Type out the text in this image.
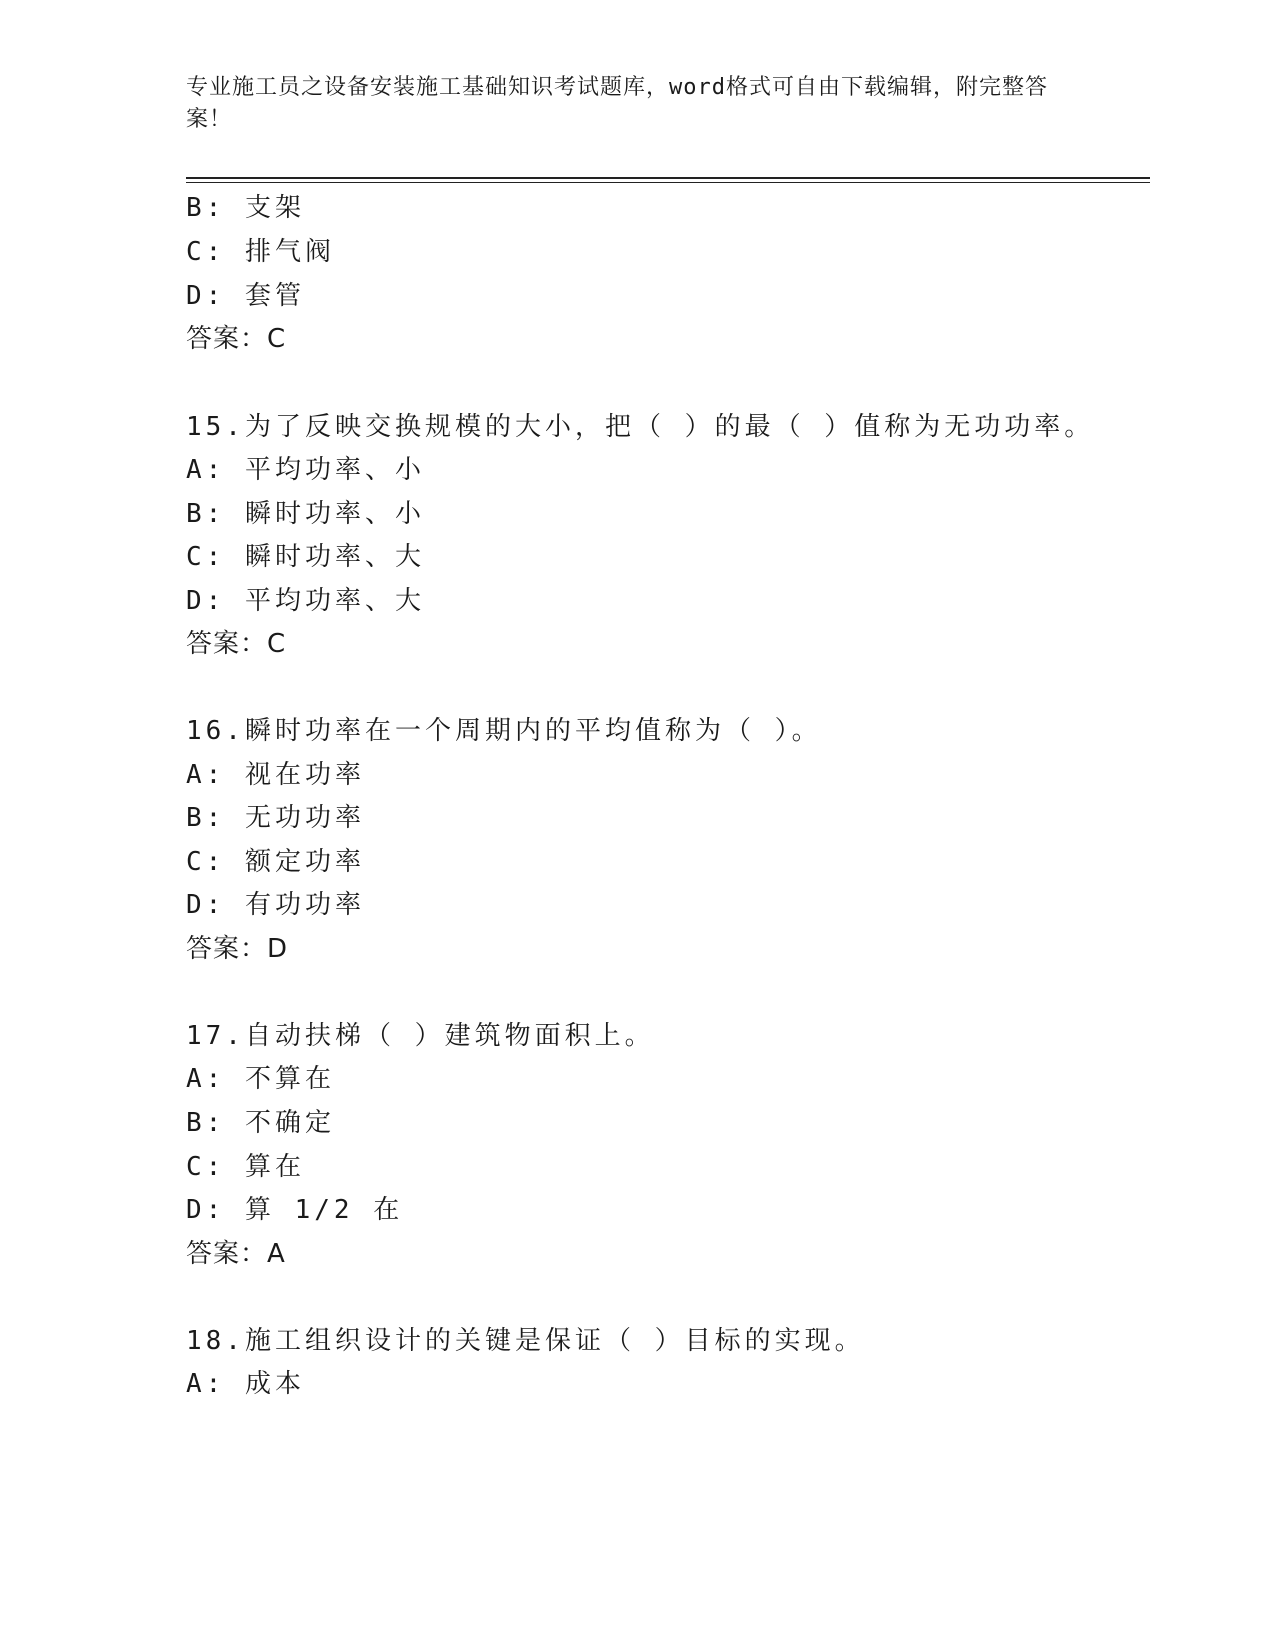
专业施工员之设备安装施工基础知识考试题库，word格式可自由下载编辑，附完整答案！
B: 支架
C: 排气阀
D: 套管
答案：C
15.为了反映交换规模的大小，把（ ）的最（ ）值称为无功功率。
A: 平均功率、小
B: 瞬时功率、小
C: 瞬时功率、大
D: 平均功率、大
答案：C
16.瞬时功率在一个周期内的平均值称为（ ）。
A: 视在功率
B: 无功功率
C: 额定功率
D: 有功功率
答案：D
17.自动扶梯（ ）建筑物面积上。
A: 不算在
B: 不确定
C: 算在
D: 算 1/2 在
答案：A
18.施工组织设计的关键是保证（ ）目标的实现。
A: 成本
